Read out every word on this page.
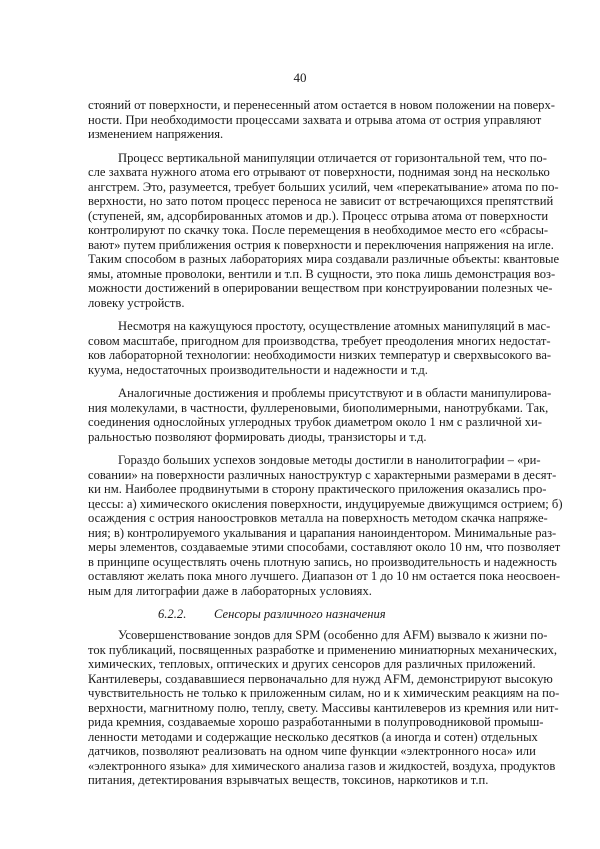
40
стояний от поверхности, и перенесенный атом остается в новом положении на поверх-
ности. При необходимости процессами захвата и отрыва атома от острия управляют
изменением напряжения.
Процесс вертикальной манипуляции отличается от горизонтальной тем, что по-
сле захвата нужного атома его отрывают от поверхности, поднимая зонд на несколько
ангстрем. Это, разумеется, требует больших усилий, чем «перекатывание» атома по по-
верхности, но зато потом процесс переноса не зависит от встречающихся препятствий
(ступеней, ям, адсорбированных атомов и др.). Процесс отрыва атома от поверхности
контролируют по скачку тока. После перемещения в необходимое место его «сбрасы-
вают» путем приближения острия к поверхности и переключения напряжения на игле.
Таким способом в разных лабораториях мира создавали различные объекты: квантовые
ямы, атомные проволоки, вентили и т.п. В сущности, это пока лишь демонстрация воз-
можности достижений в оперировании веществом при конструировании полезных че-
ловеку устройств.
Несмотря на кажущуюся простоту, осуществление атомных манипуляций в мас-
совом масштабе, пригодном для производства, требует преодоления многих недостат-
ков лабораторной технологии: необходимости низких температур и сверхвысокого ва-
куума, недостаточных производительности и надежности и т.д.
Аналогичные достижения и проблемы присутствуют и в области манипулирова-
ния молекулами, в частности, фуллереновыми, биополимерными, нанотрубками. Так,
соединения однослойных углеродных трубок диаметром около 1 нм с различной хи-
ральностью позволяют формировать диоды, транзисторы и т.д.
Гораздо больших успехов зондовые методы достигли в нанолитографии – «ри-
совании» на поверхности различных наноструктур с характерными размерами в десят-
ки нм. Наиболее продвинутыми в сторону практического приложения оказались про-
цессы: а) химического окисления поверхности, индуцируемые движущимся острием; б)
осаждения с острия наноостровков металла на поверхность методом скачка напряже-
ния; в) контролируемого укалывания и царапания наноиндентором. Минимальные раз-
меры элементов, создаваемые этими способами, составляют около 10 нм, что позволяет
в принципе осуществлять очень плотную запись, но производительность и надежность
оставляют желать пока много лучшего. Диапазон от 1 до 10 нм остается пока неосвоен-
ным для литографии даже в лабораторных условиях.
6.2.2. Сенсоры различного назначения
Усовершенствование зондов для SPM (особенно для AFM) вызвало к жизни по-
ток публикаций, посвященных разработке и применению миниатюрных механических,
химических, тепловых, оптических и других сенсоров для различных приложений.
Кантилеверы, создававшиеся первоначально для нужд AFM, демонстрируют высокую
чувствительность не только к приложенным силам, но и к химическим реакциям на по-
верхности, магнитному полю, теплу, свету. Массивы кантилеверов из кремния или нит-
рида кремния, создаваемые хорошо разработанными в полупроводниковой промыш-
ленности методами и содержащие несколько десятков (а иногда и сотен) отдельных
датчиков, позволяют реализовать на одном чипе функции «электронного носа» или
«электронного языка» для химического анализа газов и жидкостей, воздуха, продуктов
питания, детектирования взрывчатых веществ, токсинов, наркотиков и т.п.
